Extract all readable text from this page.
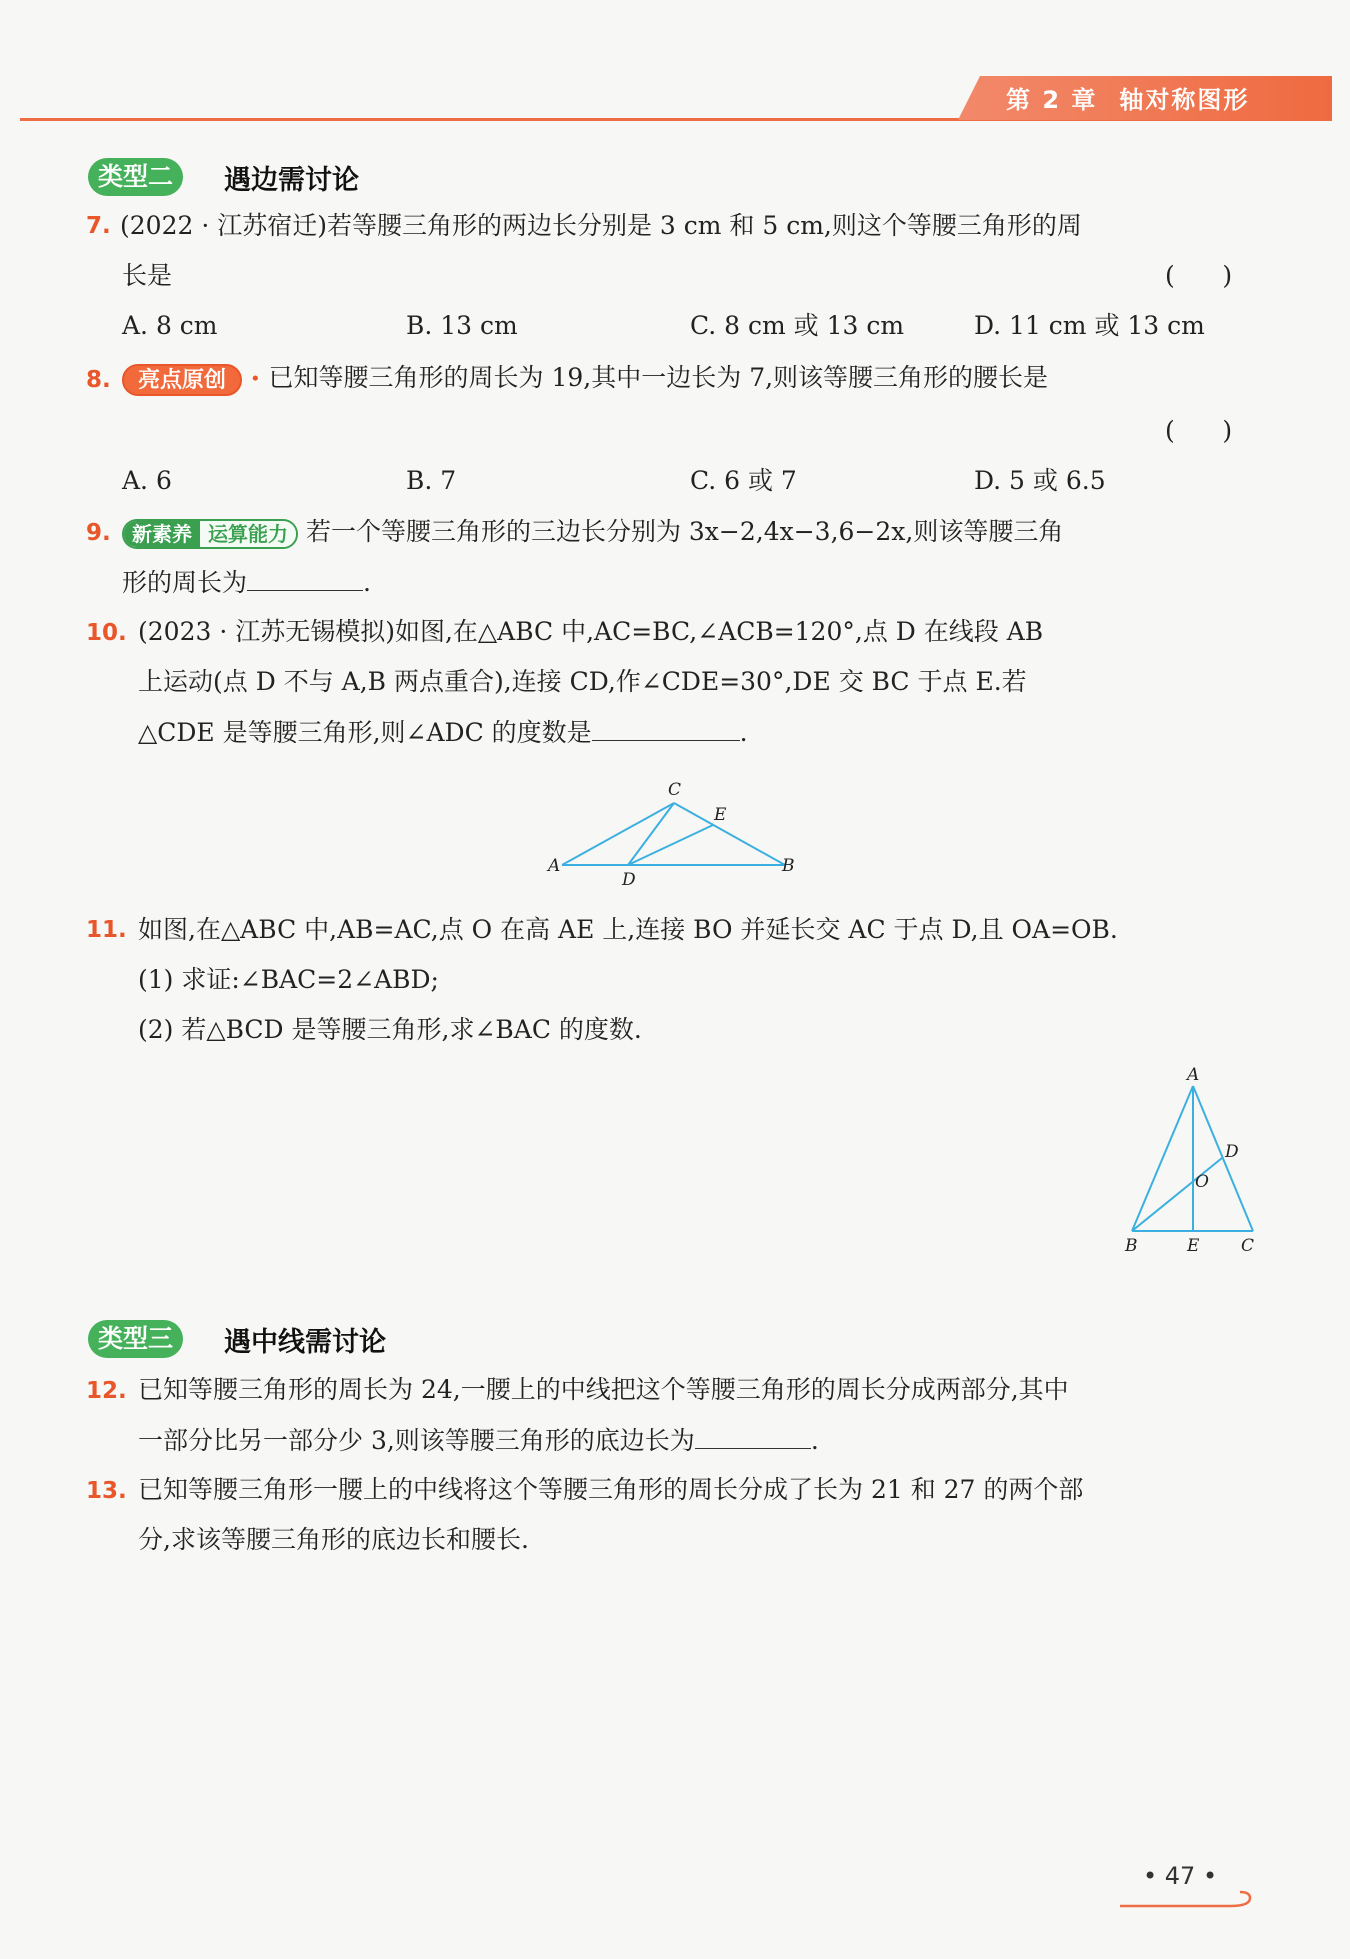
第 2 章 轴对称图形
类型二	遇边需讨论
7. (2022 · 江苏宿迁)若等腰三角形的两边长分别是 3 cm 和 5 cm,则这个等腰三角形的周
长是	(      )
A. 8 cm	B. 13 cm	C. 8 cm 或 13 cm	D. 11 cm 或 13 cm
8.	亮点原创 • 已知等腰三角形的周长为 19,其中一边长为 7,则该等腰三角形的腰长是
(      )
A. 6	B. 7	C. 6 或 7	D. 5 或 6.5
9.	新素养 运算能力 若一个等腰三角形的三边长分别为 3x−2,4x−3,6−2x,则该等腰三角
形的周长为	.
10. (2023 · 江苏无锡模拟)如图,在△ABC 中,AC=BC,∠ACB=120°,点 D 在线段 AB
上运动(点 D 不与 A,B 两点重合),连接 CD,作∠CDE=30°,DE 交 BC 于点 E.若
△CDE 是等腰三角形,则∠ADC 的度数是	.
C
E
A
D
B
11. 如图,在△ABC 中,AB=AC,点 O 在高 AE 上,连接 BO 并延长交 AC 于点 D,且 OA=OB.
(1) 求证:∠BAC=2∠ABD;
(2) 若△BCD 是等腰三角形,求∠BAC 的度数.
A
D
O
B	E C
类型三	遇中线需讨论
12. 已知等腰三角形的周长为 24,一腰上的中线把这个等腰三角形的周长分成两部分,其中
一部分比另一部分少 3,则该等腰三角形的底边长为	.
13. 已知等腰三角形一腰上的中线将这个等腰三角形的周长分成了长为 21 和 27 的两个部
分,求该等腰三角形的底边长和腰长.
• 47 •
